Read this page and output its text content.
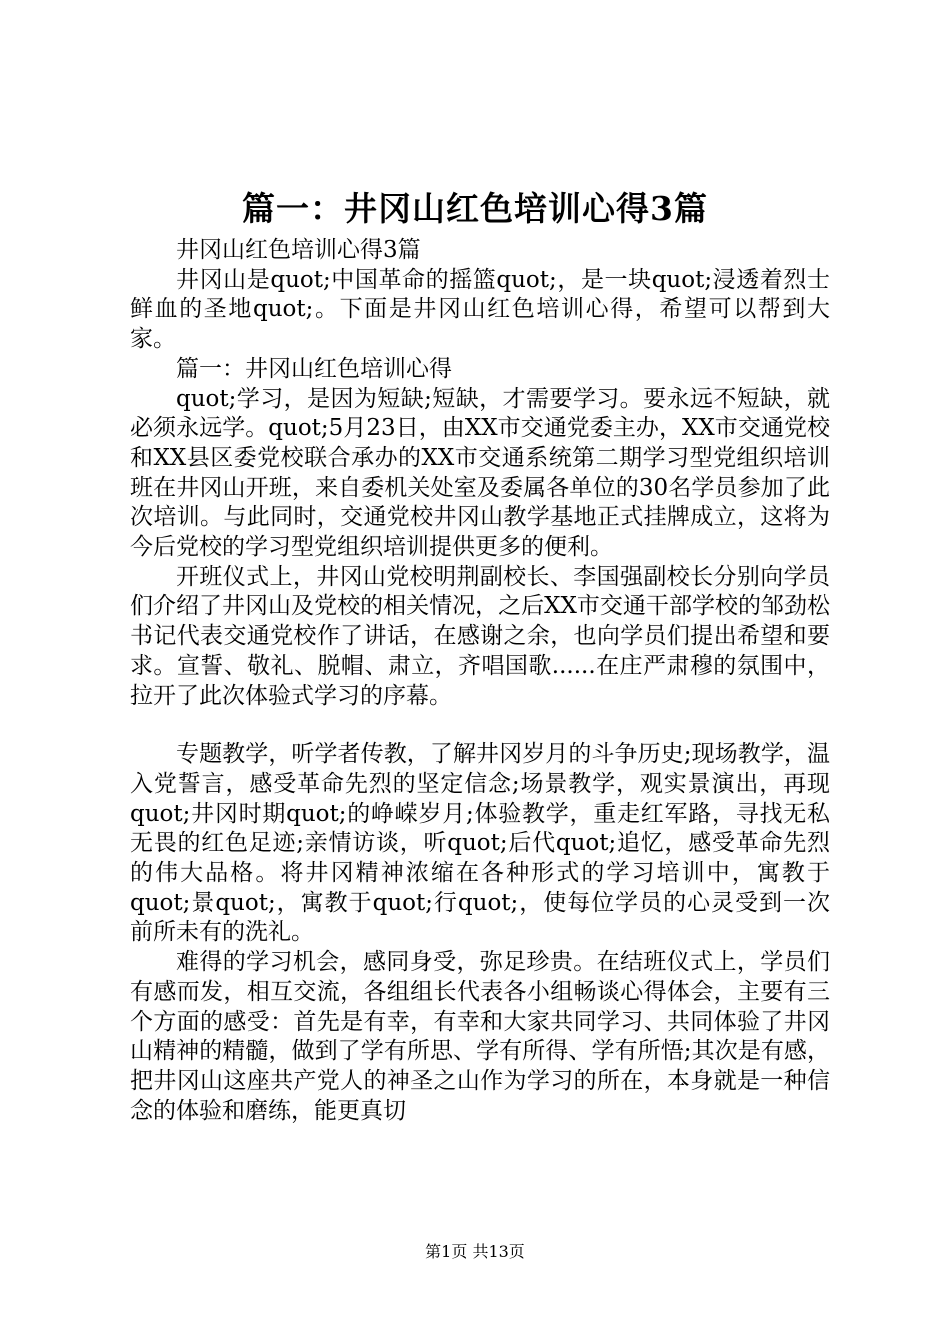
篇一：井冈山红色培训心得3篇

井冈山红色培训心得3篇

井冈山是quot;中国革命的摇篮quot;，是一块quot;浸透着烈士鲜血的圣地quot;。下面是井冈山红色培训心得，希望可以帮到大家。

篇一：井冈山红色培训心得

quot;学习，是因为短缺;短缺，才需要学习。要永远不短缺，就必须永远学。quot;5月23日，由XX市交通党委主办，XX市交通党校和XX县区委党校联合承办的XX市交通系统第二期学习型党组织培训班在井冈山开班，来自委机关处室及委属各单位的30名学员参加了此次培训。与此同时，交通党校井冈山教学基地正式挂牌成立，这将为今后党校的学习型党组织培训提供更多的便利。

开班仪式上，井冈山党校明荆副校长、李国强副校长分别向学员们介绍了井冈山及党校的相关情况，之后XX市交通干部学校的邹劲松书记代表交通党校作了讲话，在感谢之余，也向学员们提出希望和要求。宣誓、敬礼、脱帽、肃立，齐唱国歌......在庄严肃穆的氛围中，拉开了此次体验式学习的序幕。

专题教学，听学者传教，了解井冈岁月的斗争历史;现场教学，温入党誓言，感受革命先烈的坚定信念;场景教学，观实景演出，再现quot;井冈时期quot;的峥嵘岁月;体验教学，重走红军路，寻找无私无畏的红色足迹;亲情访谈，听quot;后代quot;追忆，感受革命先烈的伟大品格。将井冈精神浓缩在各种形式的学习培训中，寓教于quot;景quot;，寓教于quot;行quot;，使每位学员的心灵受到一次前所未有的洗礼。

难得的学习机会，感同身受，弥足珍贵。在结班仪式上，学员们有感而发，相互交流，各组组长代表各小组畅谈心得体会，主要有三个方面的感受：首先是有幸，有幸和大家共同学习、共同体验了井冈山精神的精髓，做到了学有所思、学有所得、学有所悟;其次是有感，把井冈山这座共产党人的神圣之山作为学习的所在，本身就是一种信念的体验和磨练，能更真切

第1页 共13页
